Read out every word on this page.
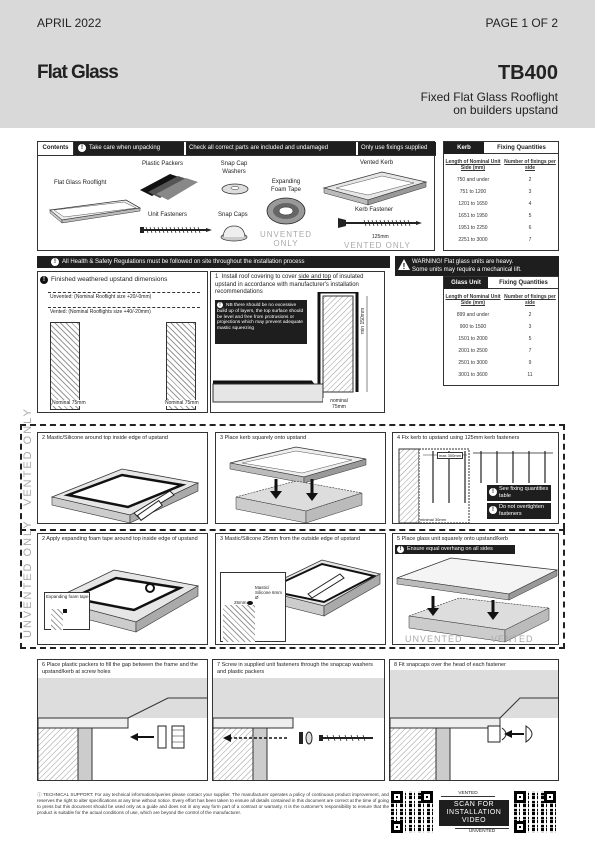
APRIL 2022	PAGE 1 OF 2
Flat Glass	TB400
Fixed Flat Glass Rooflight
on builders upstand
Contents	! Take care when unpacking	Check all correct parts are included and undamaged	Only use fixings supplied
Flat Glass Rooflight
Plastic Packers	Snap Cap Washers
Expanding Foam Tape
UNVENTED ONLY
Unit Fasteners	Snap Caps
Vented Kerb
Kerb Fastener
125mm
VENTED ONLY
Kerb	Fixing Quantities
Length of Nominal Unit Side (mm)	Number of fixings per side
750 and under	2
751 to 1200	3
1201 to 1650	4
1651 to 1950	5
1951 to 2250	6
2251 to 3000	7
! All Health & Safety Regulations must be followed on site throughout the installation process	! WARNING! Flat glass units are heavy.
Some units may require a mechanical lift.
! Finished weathered upstand dimensions
Unvented: (Nominal Rooflight size +20/-0mm)
Vented: (Nominal Rooflights size +40/-20mm)
Nominal 75mm	Nominal 75mm
1  Install roof covering to cover side and top of insulated upstand in accordance with manufacturer's installation recommendations
! NB there should be no excessive build up of layers, the top surface should be level and free from protrusions or projections which may prevent adequate mastic squeezing	min 150mm
nominal 75mm
Glass Unit	Fixing Quantities
Length of Nominal Unit Side (mm)	Number of fixings per side
899 and under	2
900 to 1500	3
1501 to 2000	5
2001 to 2500	7
2501 to 3000	9
3001 to 3600	11
VENTED ONLY 2 Mastic/Silicone around top inside edge of upstand	3 Place kerb squarely onto upstand	4 Fix kerb to upstand using 125mm kerb fasteners
max 300mm
minimal 30mm
! See fixing quantities table
! Do not overtighten fasteners
UNVENTED ONLY 2 Apply expanding foam tape around top inside edge of upstand
Expanding foam tape
3 Mastic/Silicone 25mm from the outside edge of upstand
25mm
Mastic/ Silicone 6mm Ø
5 Place glass unit squarely onto upstand/kerb
! Ensure equal overhang on all sides
UNVENTED	VENTED
6 Place plastic packers to fill the gap between the frame and the upstand/kerb at screw holes
7 Screw in supplied unit fasteners through the snapcap washers and plastic packers
8 Fit snapcaps over the head of each fastener
ⓘ TECHNICAL SUPPORT: For any technical information/queries please contact your supplier. The manufacturer operates a policy of continuous product improvement, and reserves the right to alter specifications at any time without notice. Every effort has been taken to ensure all details contained in this document are correct at the time of going to press but this document should be used only as a guide and does not in any way form part of a contract or warranty. It is the customer's responsibility to ensure that the product is suitable for the actual conditions of use, which are beyond the control of the manufacturer.
VENTED
SCAN FOR
INSTALLATION
VIDEO
UNVENTED
